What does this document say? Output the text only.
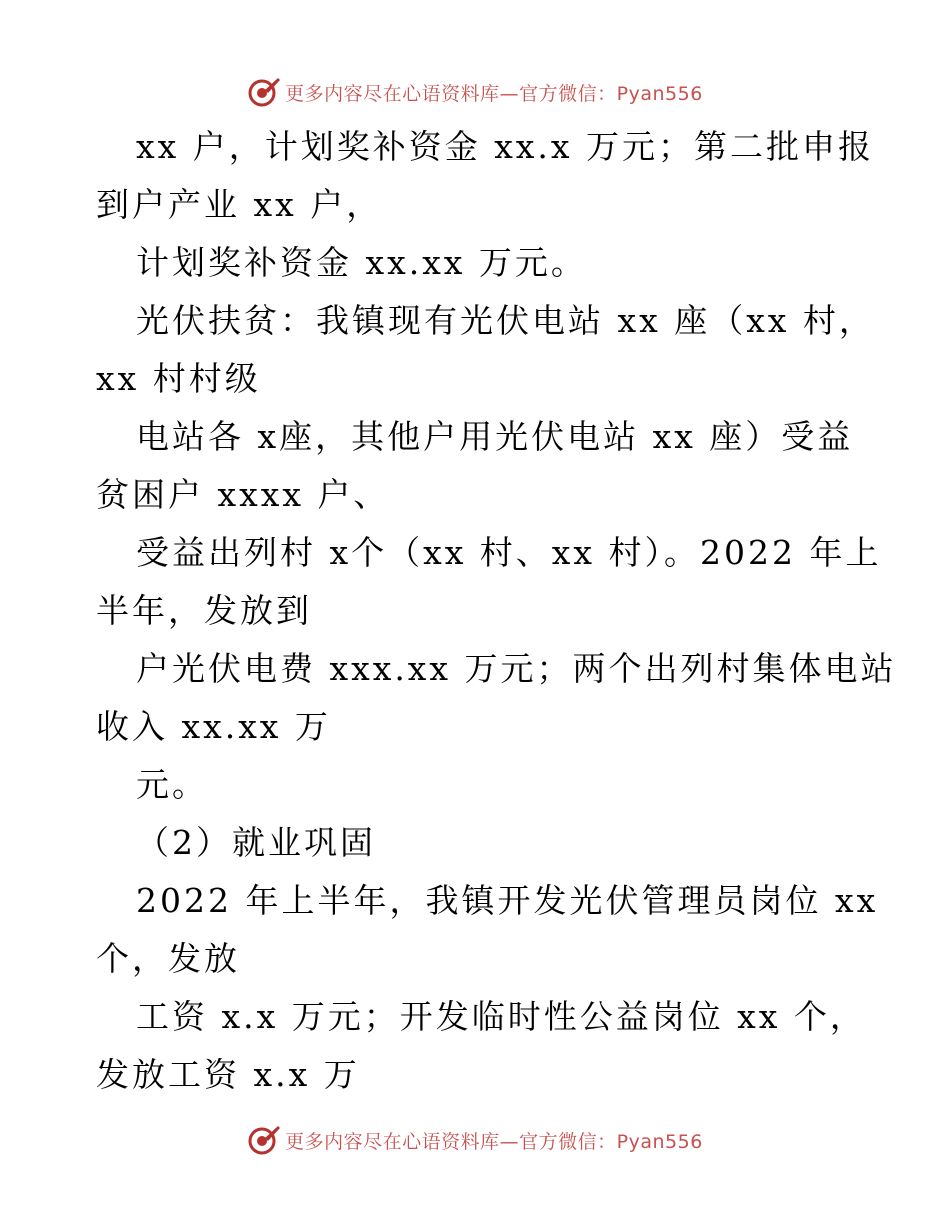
更多内容尽在心语资料库—官方微信：Pyan556
xx 户，计划奖补资金 xx.x 万元；第二批申报
到户产业 xx 户，
计划奖补资金 xx.xx 万元。
光伏扶贫：我镇现有光伏电站 xx 座（xx 村，
xx 村村级
电站各 x座，其他户用光伏电站 xx 座）受益
贫困户 xxxx 户、
受益出列村 x个（xx 村、xx 村）。2022 年上
半年，发放到
户光伏电费 xxx.xx 万元；两个出列村集体电站
收入 xx.xx 万
元。
（2）就业巩固
2022 年上半年，我镇开发光伏管理员岗位 xx
个，发放
工资 x.x 万元；开发临时性公益岗位 xx 个，
发放工资 x.x 万
更多内容尽在心语资料库—官方微信：Pyan556
